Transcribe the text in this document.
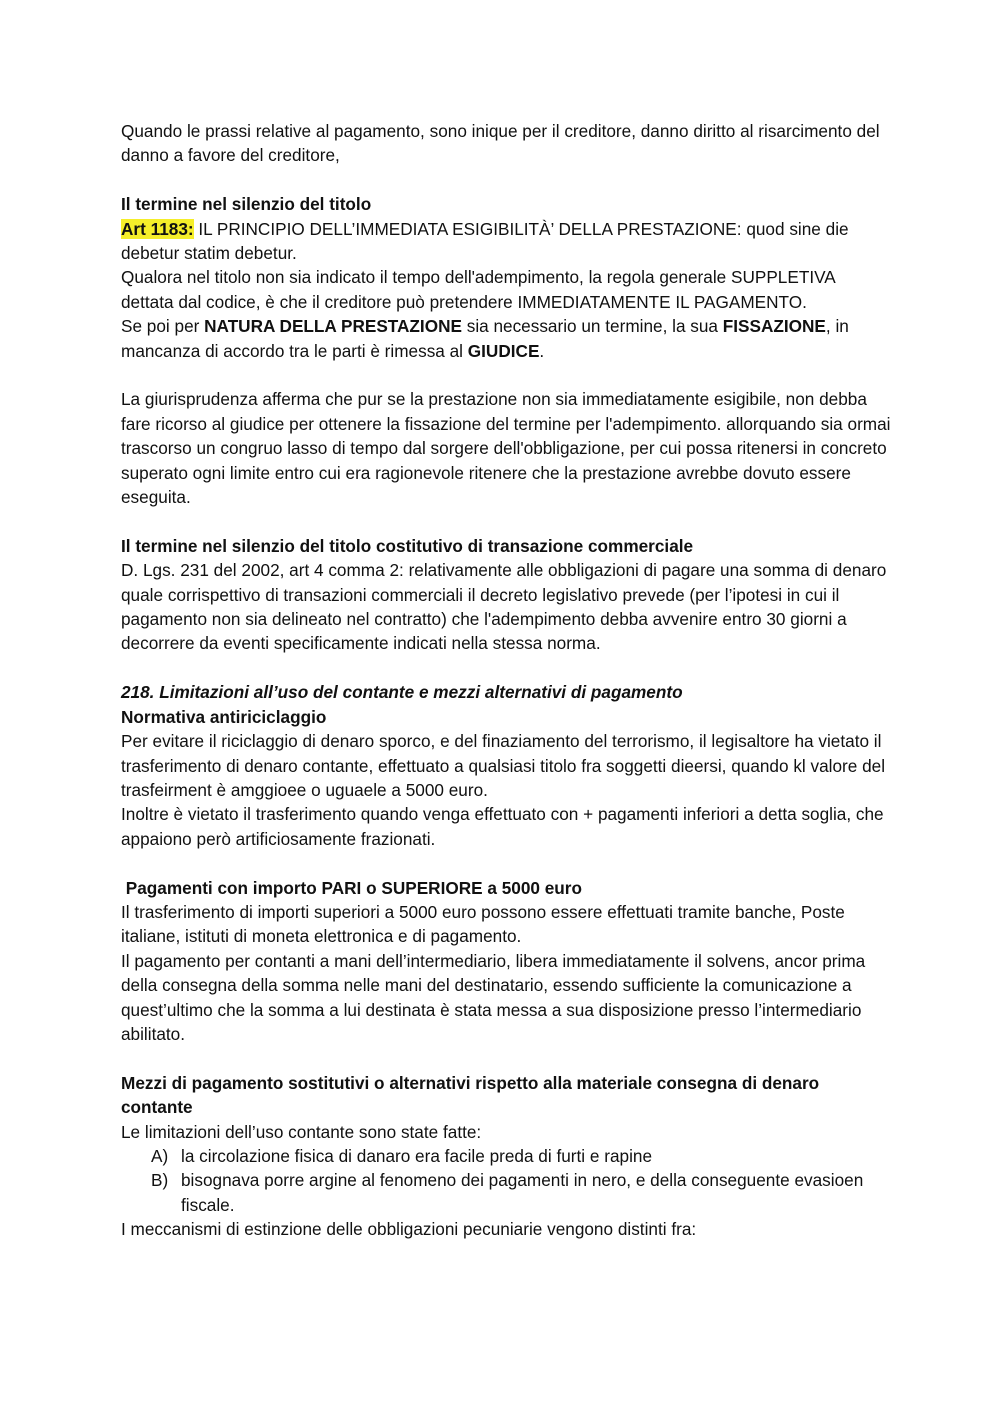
Quando le prassi relative al pagamento, sono inique per il creditore, danno diritto al risarcimento del danno a favore del creditore,

Il termine nel silenzio del titolo

Art 1183: IL PRINCIPIO DELL’IMMEDIATA ESIGIBILITÀ’ DELLA PRESTAZIONE: quod sine die debetur statim debetur.

Qualora nel titolo non sia indicato il tempo dell'adempimento, la regola generale SUPPLETIVA dettata dal codice, è che il creditore può pretendere IMMEDIATAMENTE IL PAGAMENTO.

Se poi per NATURA DELLA PRESTAZIONE sia necessario un termine, la sua FISSAZIONE, in mancanza di accordo tra le parti è rimessa al GIUDICE.

La giurisprudenza afferma che pur se la prestazione non sia immediatamente esigibile, non debba fare ricorso al giudice per ottenere la fissazione del termine per l'adempimento. allorquando sia ormai trascorso un congruo lasso di tempo dal sorgere dell'obbligazione, per cui possa ritenersi in concreto superato ogni limite entro cui era ragionevole ritenere che la prestazione avrebbe dovuto essere eseguita.

Il termine nel silenzio del titolo costitutivo di transazione commerciale

D. Lgs. 231 del 2002, art 4 comma 2: relativamente alle obbligazioni di pagare una somma di denaro quale corrispettivo di transazioni commerciali il decreto legislativo prevede (per l’ipotesi in cui il pagamento non sia delineato nel contratto) che l'adempimento debba avvenire entro 30 giorni a decorrere da eventi specificamente indicati nella stessa norma.

218. Limitazioni all’uso del contante e mezzi alternativi di pagamento

Normativa antiriciclaggio

Per evitare il riciclaggio di denaro sporco, e del finaziamento del terrorismo, il legisaltore ha vietato il trasferimento di denaro contante, effettuato a qualsiasi titolo fra soggetti dieersi, quando kl valore del trasfeirment è amggioee o uguaele a 5000 euro.

Inoltre è vietato il trasferimento quando venga effettuato con + pagamenti inferiori a detta soglia, che appaiono però artificiosamente frazionati.

Pagamenti con importo PARI o SUPERIORE a 5000 euro

Il trasferimento di importi superiori a 5000 euro possono essere effettuati tramite banche, Poste italiane, istituti di moneta elettronica e di pagamento.

Il pagamento per contanti a mani dell’intermediario, libera immediatamente il solvens, ancor prima della consegna della somma nelle mani del destinatario, essendo sufficiente la comunicazione a quest’ultimo che la somma a lui destinata è stata messa a sua disposizione presso l’intermediario abilitato.

Mezzi di pagamento sostitutivi o alternativi rispetto alla materiale consegna di denaro contante

Le limitazioni dell’uso contante sono state fatte:

A) la circolazione fisica di danaro era facile preda di furti e rapine
B) bisognava porre argine al fenomeno dei pagamenti in nero, e della conseguente evasioen fiscale.

I meccanismi di estinzione delle obbligazioni pecuniarie vengono distinti fra:
